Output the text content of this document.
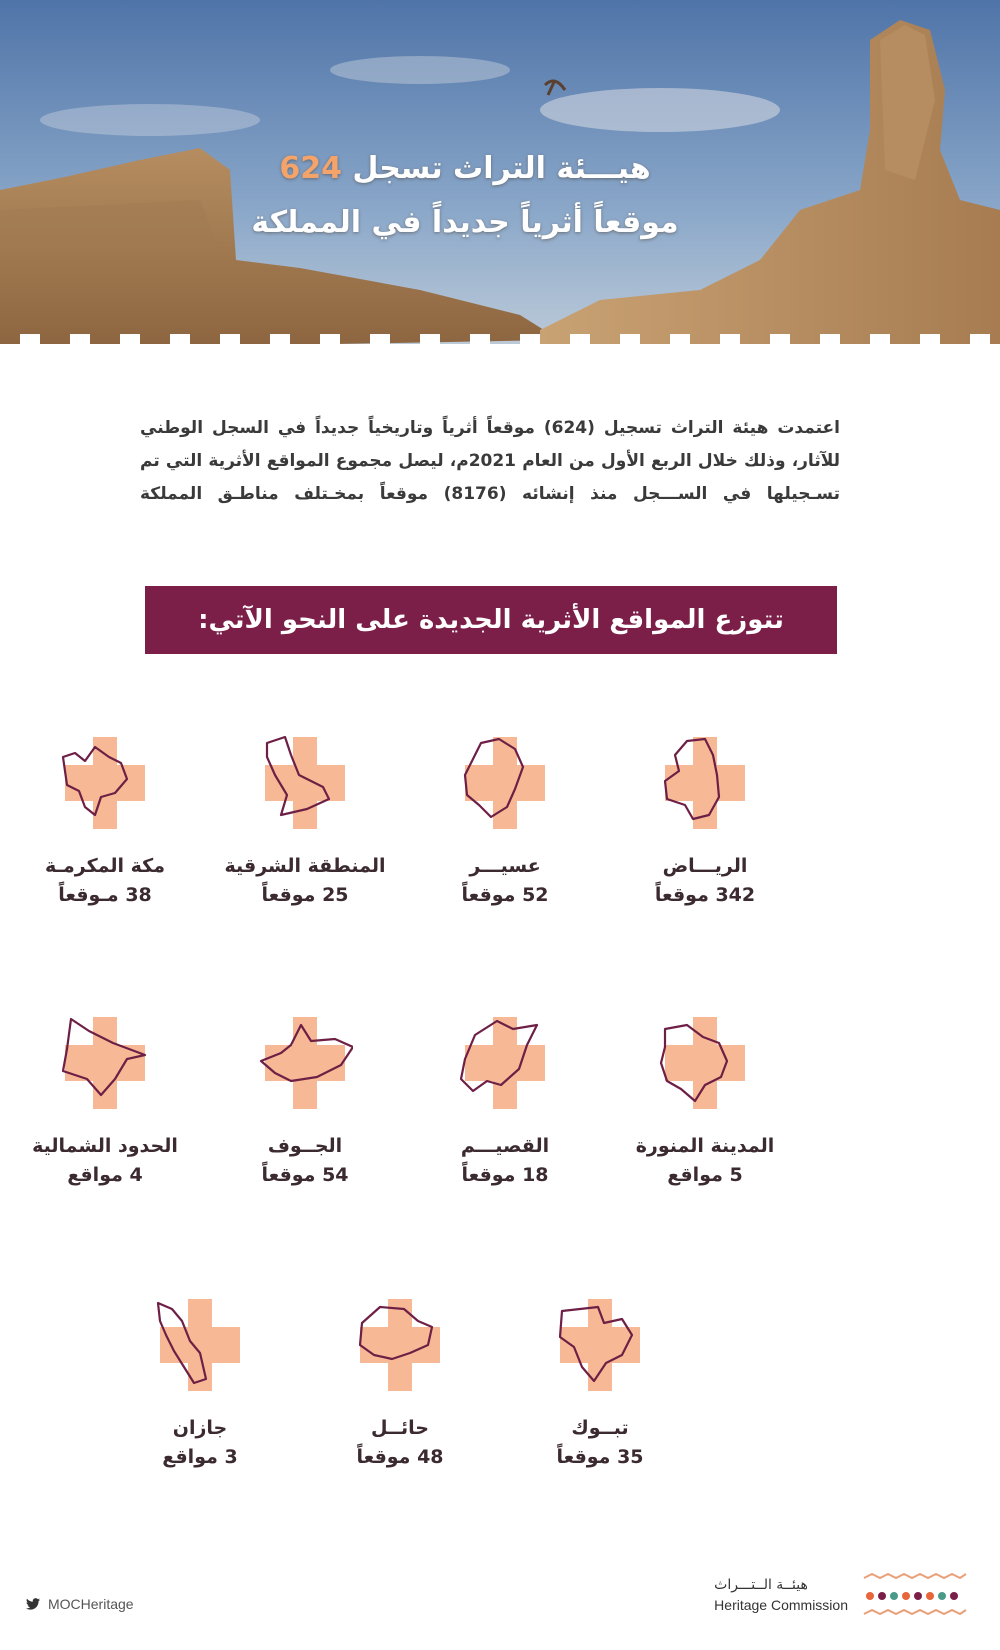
هيـــئة التراث تسجل 624
موقعاً أثرياً جديداً في المملكة
اعتمدت هيئة التراث تسجيل (624) موقعاً أثرياً وتاريخياً جديداً في السجل الوطني للآثار، وذلك خلال الربع الأول من العام 2021م، ليصل مجموع المواقع الأثرية التي تم تسـجيلها في الســـجل منذ إنشائه (8176) موقعاً بمخـتلف مناطـق المملكة
تتوزع المواقع الأثرية الجديدة على النحو الآتي:
الريـــاض
342 موقعاً
عسيـــر
52 موقعاً
المنطقة الشرقية
25 موقعاً
مكة المكرمـة
38 مـوقعاً
المدينة المنورة
5 مواقع
القصيـــم
18 موقعاً
الجــوف
54 موقعاً
الحدود الشمالية
4 مواقع
تبــوك
35 موقعاً
حائــل
48 موقعاً
جازان
3 مواقع
MOCHeritage
هيئــة الــتـــراث
Heritage Commission
